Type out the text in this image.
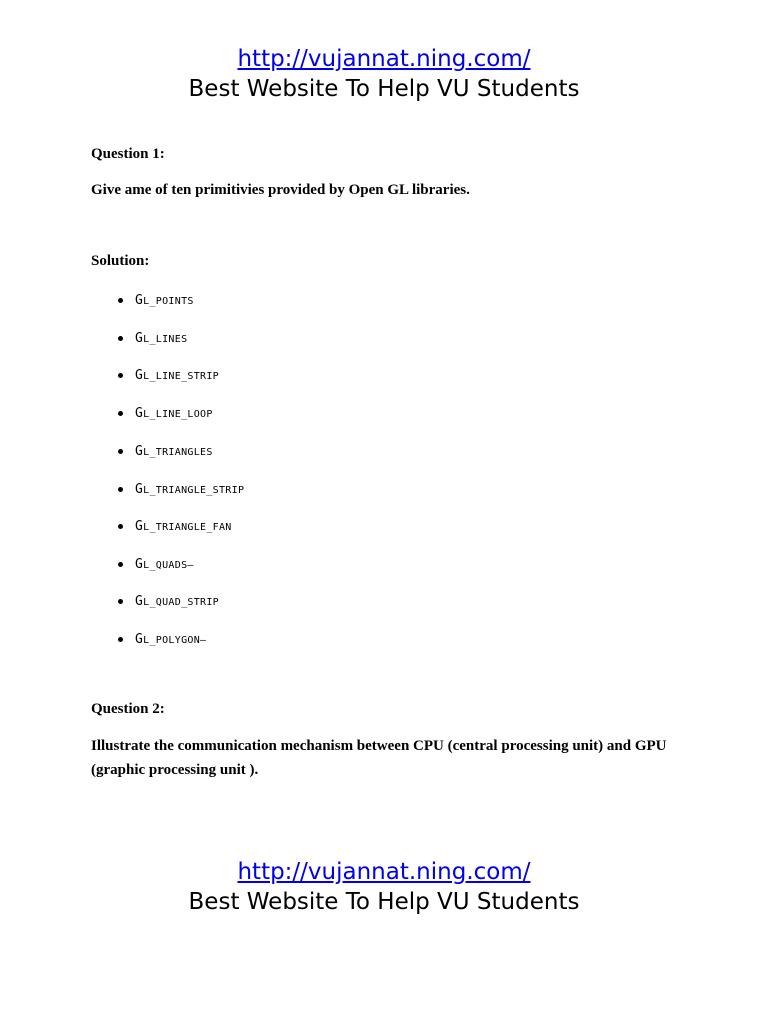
http://vujannat.ning.com/
Best Website To Help VU Students
Question 1:
Give ame of ten primitivies provided by Open GL libraries.
Solution:
GL_POINTS
GL_LINES
GL_LINE_STRIP
GL_LINE_LOOP
GL_TRIANGLES
GL_TRIANGLE_STRIP
GL_TRIANGLE_FAN
GL_QUADS–
GL_QUAD_STRIP
GL_POLYGON–
Question 2:
Illustrate the communication mechanism between CPU (central processing unit) and GPU (graphic processing unit ).
http://vujannat.ning.com/
Best Website To Help VU Students
